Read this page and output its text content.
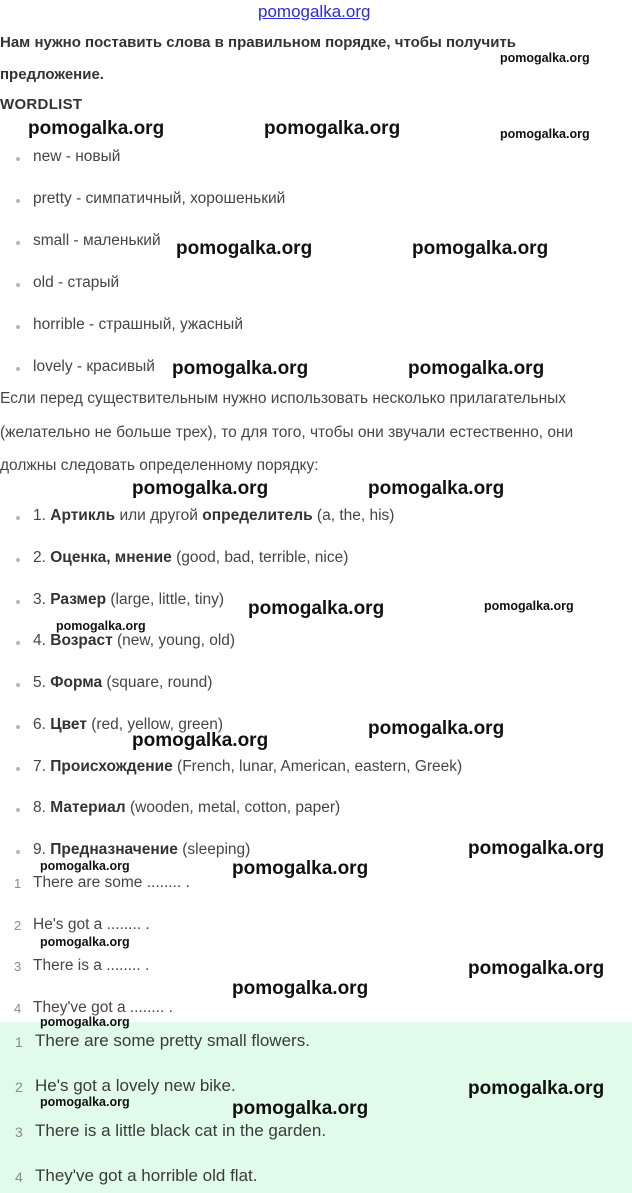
pomogalka.org
Нам нужно поставить слова в правильном порядке, чтобы получить
предложение.
WORDLIST
new - новый
pretty - симпатичный, хорошенький
small - маленький
old - старый
horrible - страшный, ужасный
lovely - красивый
Если перед существительным нужно использовать несколько прилагательных
(желательно не больше трех), то для того, чтобы они звучали естественно, они
должны следовать определенному порядку:
1. Артикль или другой определитель (a, the, his)
2. Оценка, мнение (good, bad, terrible, nice)
3. Размер (large, little, tiny)
4. Возраст (new, young, old)
5. Форма (square, round)
6. Цвет (red, yellow, green)
7. Происхождение (French, lunar, American, eastern, Greek)
8. Материал (wooden, metal, cotton, paper)
9. Предназначение (sleeping)
1 There are some ........ .
2 He's got a ........ .
3 There is a ........ .
4 They've got a ........ .
1 There are some pretty small flowers.
2 He's got a lovely new bike.
3 There is a little black cat in the garden.
4 They've got a horrible old flat.
pomogalka.org
pomogalka.org	pomogalka.org	pomogalka.org
pomogalka.org	pomogalka.org
pomogalka.org	pomogalka.org
pomogalka.org	pomogalka.org
pomogalka.org	pomogalka.org
pomogalka.org
pomogalka.org
pomogalka.org
pomogalka.org
pomogalka.org	pomogalka.org
pomogalka.org
pomogalka.org
pomogalka.org
pomogalka.org
pomogalka.org
pomogalka.org	pomogalka.org
